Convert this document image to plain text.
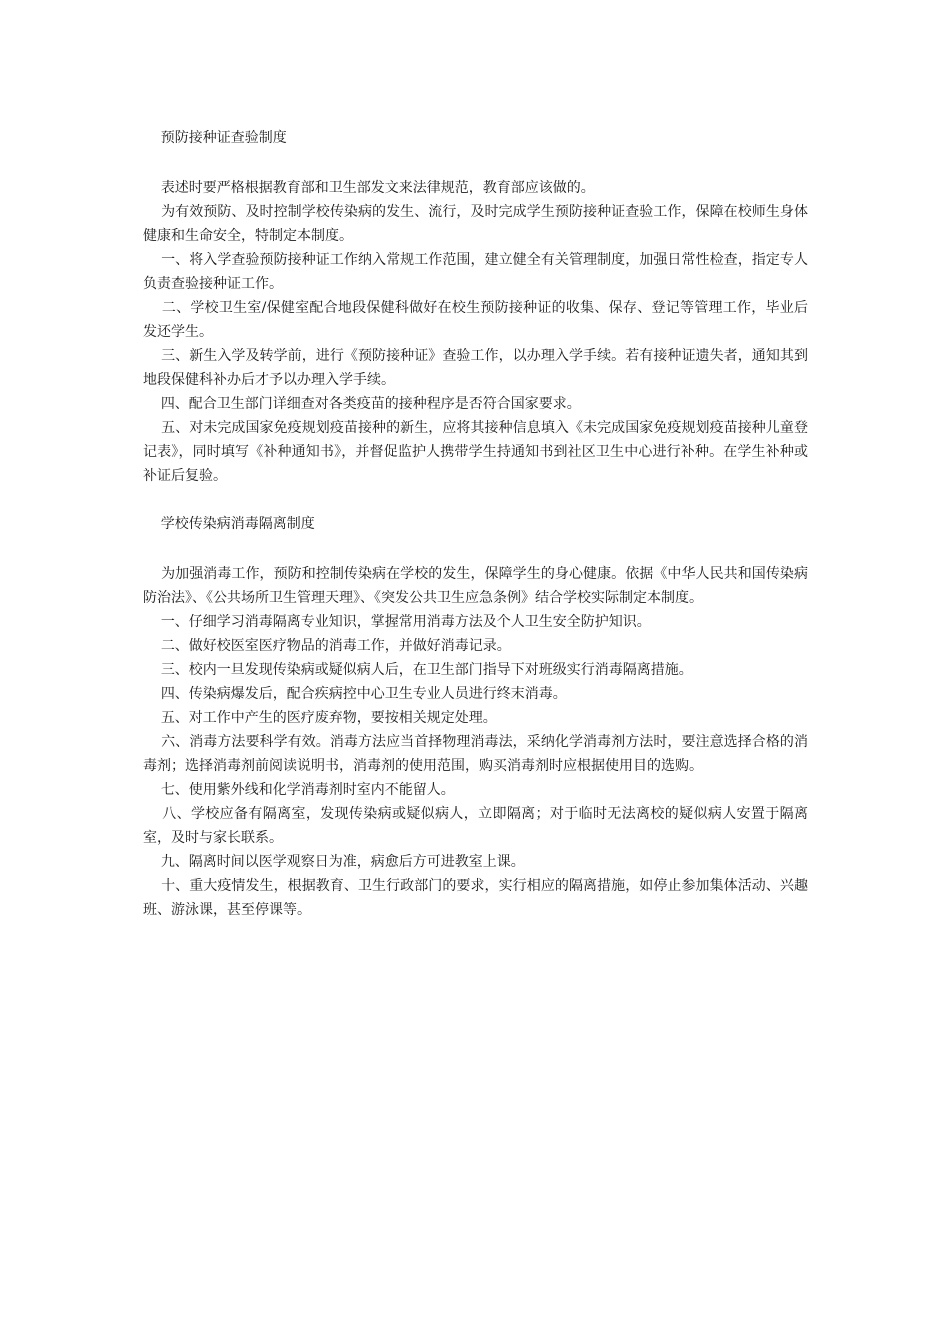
预防接种证查验制度

表述时要严格根据教育部和卫生部发文来法律规范，教育部应该做的。

为有效预防、及时控制学校传染病的发生、流行，及时完成学生预防接种证查验工作，保障在校师生身体健康和生命安全，特制定本制度。

一、将入学查验预防接种证工作纳入常规工作范围，建立健全有关管理制度，加强日常性检查，指定专人负责查验接种证工作。

二、学校卫生室/保健室配合地段保健科做好在校生预防接种证的收集、保存、登记等管理工作，毕业后发还学生。

三、新生入学及转学前，进行《预防接种证》查验工作，以办理入学手续。若有接种证遗失者，通知其到地段保健科补办后才予以办理入学手续。

四、配合卫生部门详细查对各类疫苗的接种程序是否符合国家要求。

五、对未完成国家免疫规划疫苗接种的新生，应将其接种信息填入《未完成国家免疫规划疫苗接种儿童登记表》，同时填写《补种通知书》，并督促监护人携带学生持通知书到社区卫生中心进行补种。在学生补种或补证后复验。

学校传染病消毒隔离制度

为加强消毒工作，预防和控制传染病在学校的发生，保障学生的身心健康。依据《中华人民共和国传染病防治法》、《公共场所卫生管理天理》、《突发公共卫生应急条例》结合学校实际制定本制度。

一、仔细学习消毒隔离专业知识，掌握常用消毒方法及个人卫生安全防护知识。

二、做好校医室医疗物品的消毒工作，并做好消毒记录。

三、校内一旦发现传染病或疑似病人后，在卫生部门指导下对班级实行消毒隔离措施。

四、传染病爆发后，配合疾病控中心卫生专业人员进行终末消毒。

五、对工作中产生的医疗废弃物，要按相关规定处理。

六、消毒方法要科学有效。消毒方法应当首择物理消毒法，采纳化学消毒剂方法时，要注意选择合格的消毒剂；选择消毒剂前阅读说明书，消毒剂的使用范围，购买消毒剂时应根据使用目的选购。

七、使用紫外线和化学消毒剂时室内不能留人。

八、学校应备有隔离室，发现传染病或疑似病人，立即隔离；对于临时无法离校的疑似病人安置于隔离室，及时与家长联系。

九、隔离时间以医学观察日为准，病愈后方可进教室上课。

十、重大疫情发生，根据教育、卫生行政部门的要求，实行相应的隔离措施，如停止参加集体活动、兴趣班、游泳课，甚至停课等。
